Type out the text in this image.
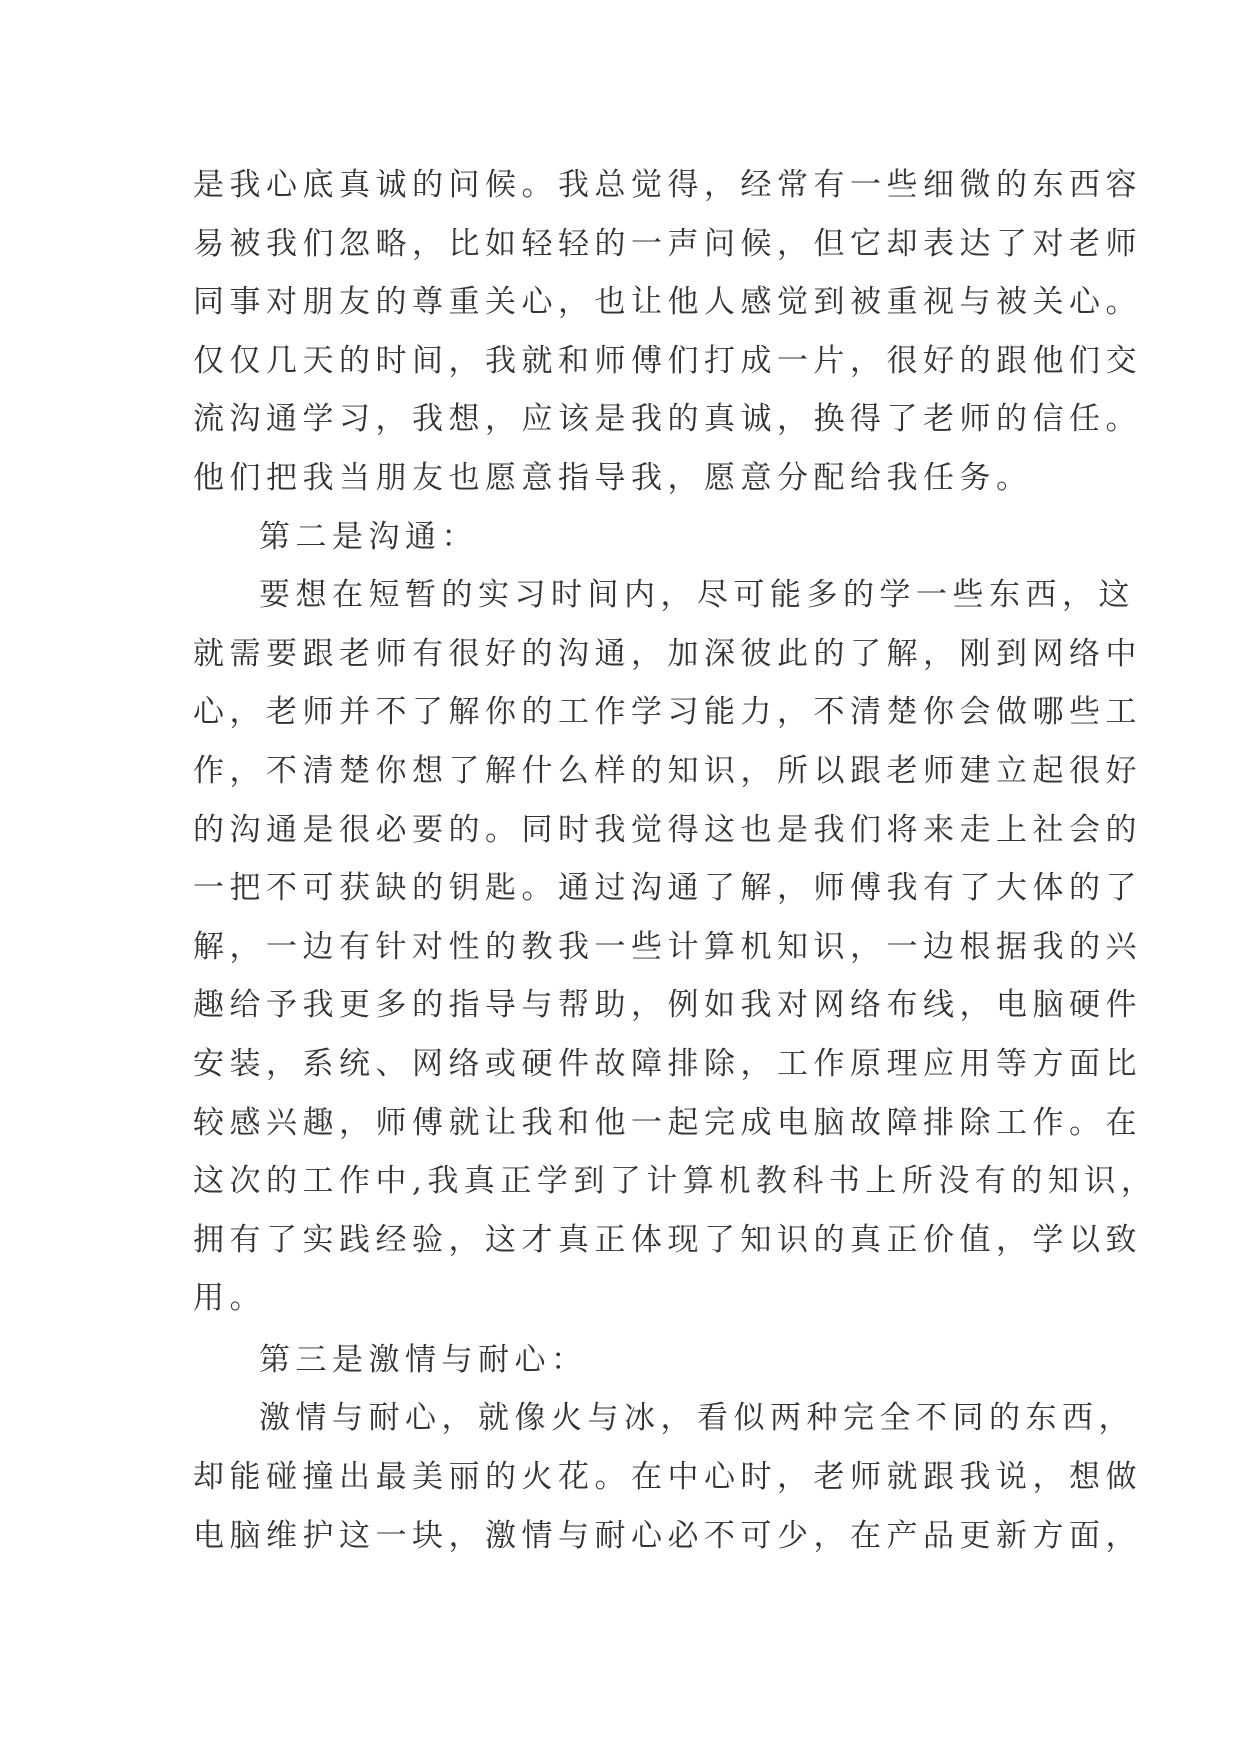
是我心底真诚的问候。我总觉得，经常有一些细微的东西容
易被我们忽略，比如轻轻的一声问候，但它却表达了对老师
同事对朋友的尊重关心，也让他人感觉到被重视与被关心。
仅仅几天的时间，我就和师傅们打成一片，很好的跟他们交
流沟通学习，我想，应该是我的真诚，换得了老师的信任。
他们把我当朋友也愿意指导我，愿意分配给我任务。
第二是沟通：
要想在短暂的实习时间内，尽可能多的学一些东西，这
就需要跟老师有很好的沟通，加深彼此的了解，刚到网络中
心，老师并不了解你的工作学习能力，不清楚你会做哪些工
作，不清楚你想了解什么样的知识，所以跟老师建立起很好
的沟通是很必要的。同时我觉得这也是我们将来走上社会的
一把不可获缺的钥匙。通过沟通了解，师傅我有了大体的了
解，一边有针对性的教我一些计算机知识，一边根据我的兴
趣给予我更多的指导与帮助，例如我对网络布线，电脑硬件
安装，系统、网络或硬件故障排除，工作原理应用等方面比
较感兴趣，师傅就让我和他一起完成电脑故障排除工作。在
这次的工作中,我真正学到了计算机教科书上所没有的知识，
拥有了实践经验，这才真正体现了知识的真正价值，学以致
用。
第三是激情与耐心：
激情与耐心，就像火与冰，看似两种完全不同的东西，
却能碰撞出最美丽的火花。在中心时，老师就跟我说，想做
电脑维护这一块，激情与耐心必不可少，在产品更新方面，
